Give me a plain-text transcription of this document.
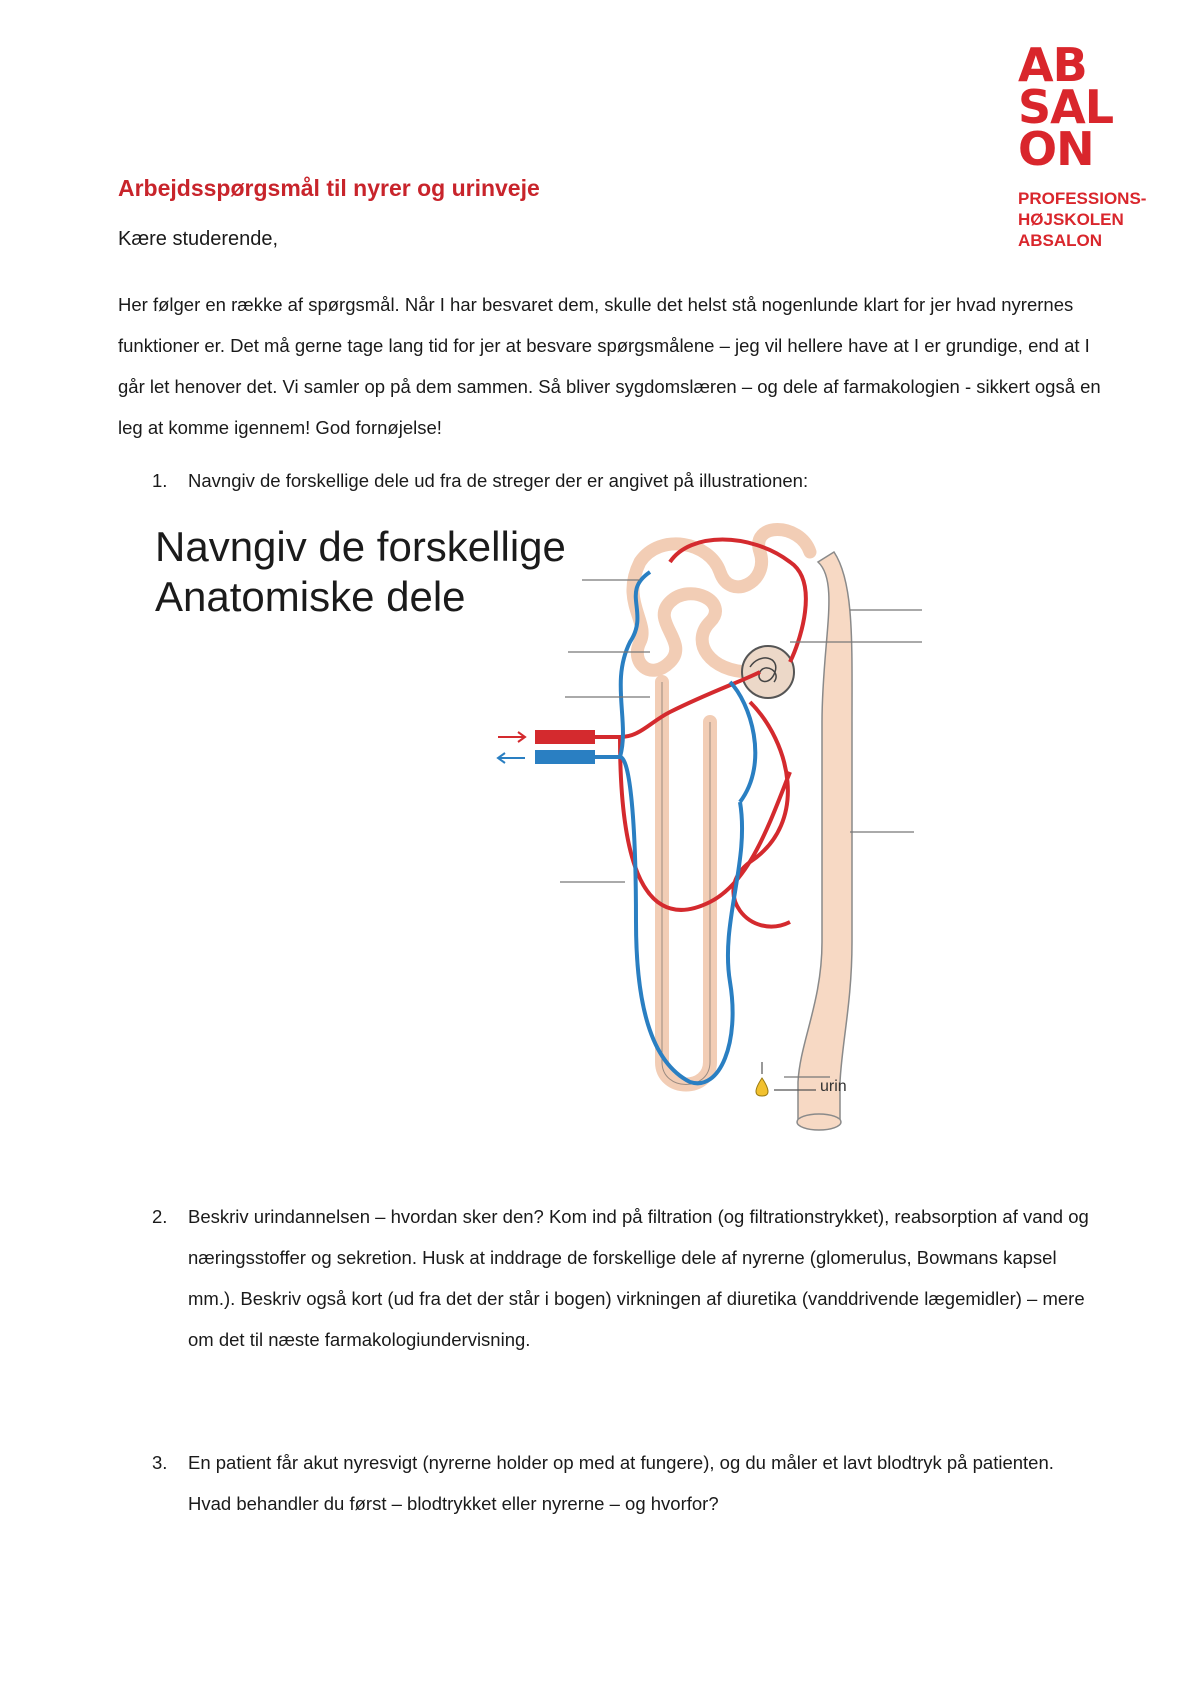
AB
SAL
ON
PROFESSIONS-
HØJSKOLEN
ABSALON
Arbejdsspørgsmål til nyrer og urinveje
Kære studerende,
Her følger en række af spørgsmål. Når I har besvaret dem, skulle det helst stå nogenlunde klart for jer hvad nyrernes funktioner er. Det må gerne tage lang tid for jer at besvare spørgsmålene – jeg vil hellere have at I er grundige, end at I går let henover det. Vi samler op på dem sammen. Så bliver sygdomslæren – og dele af farmakologien - sikkert også en leg at komme igennem! God fornøjelse!
1. Navngiv de forskellige dele ud fra de streger der er angivet på illustrationen:
Navngiv de forskellige
Anatomiske dele
urin
2. Beskriv urindannelsen – hvordan sker den? Kom ind på filtration (og filtrationstrykket), reabsorption af vand og næringsstoffer og sekretion. Husk at inddrage de forskellige dele af nyrerne (glomerulus, Bowmans kapsel mm.). Beskriv også kort (ud fra det der står i bogen) virkningen af diuretika (vanddrivende lægemidler) – mere om det til næste farmakologiundervisning.
3. En patient får akut nyresvigt (nyrerne holder op med at fungere), og du måler et lavt blodtryk på patienten. Hvad behandler du først – blodtrykket eller nyrerne – og hvorfor?
